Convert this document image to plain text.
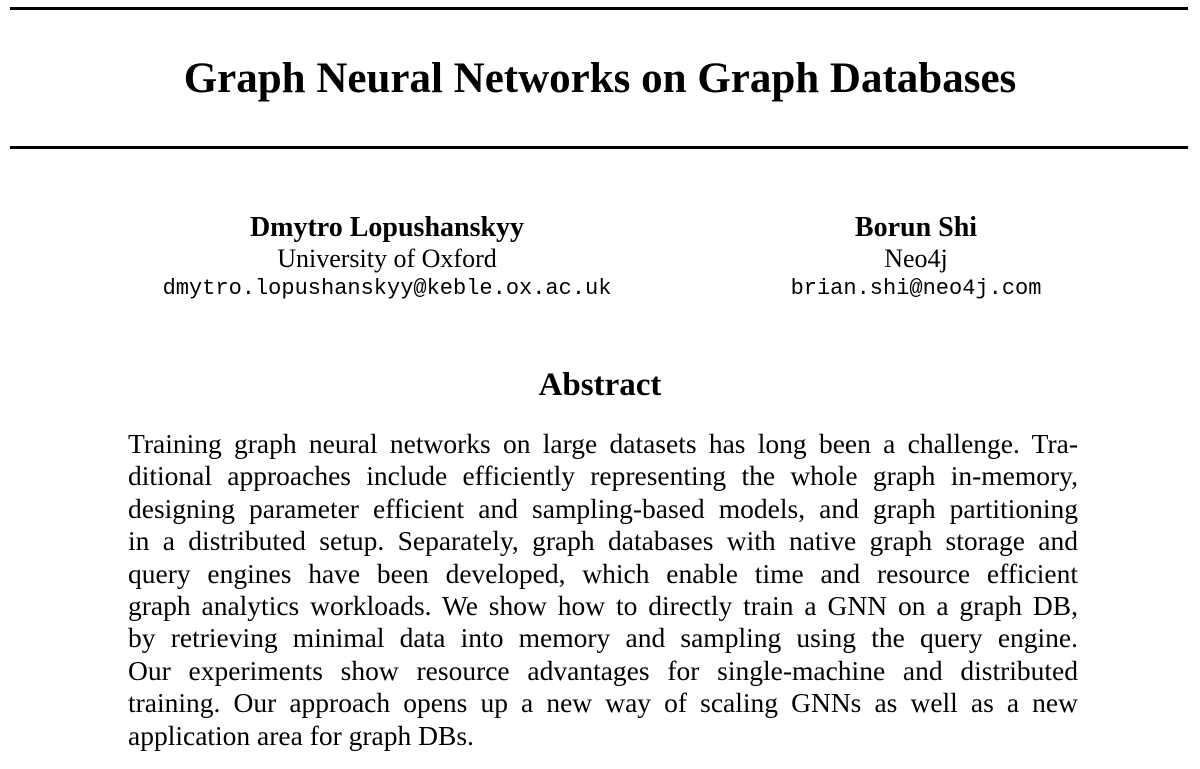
Graph Neural Networks on Graph Databases
Dmytro Lopushanskyy
University of Oxford
dmytro.lopushanskyy@keble.ox.ac.uk
Borun Shi
Neo4j
brian.shi@neo4j.com
Abstract
Training graph neural networks on large datasets has long been a challenge. Tra-
ditional approaches include efficiently representing the whole graph in-memory,
designing parameter efficient and sampling-based models, and graph partitioning
in a distributed setup. Separately, graph databases with native graph storage and
query engines have been developed, which enable time and resource efficient
graph analytics workloads. We show how to directly train a GNN on a graph DB,
by retrieving minimal data into memory and sampling using the query engine.
Our experiments show resource advantages for single-machine and distributed
training. Our approach opens up a new way of scaling GNNs as well as a new
application area for graph DBs.
